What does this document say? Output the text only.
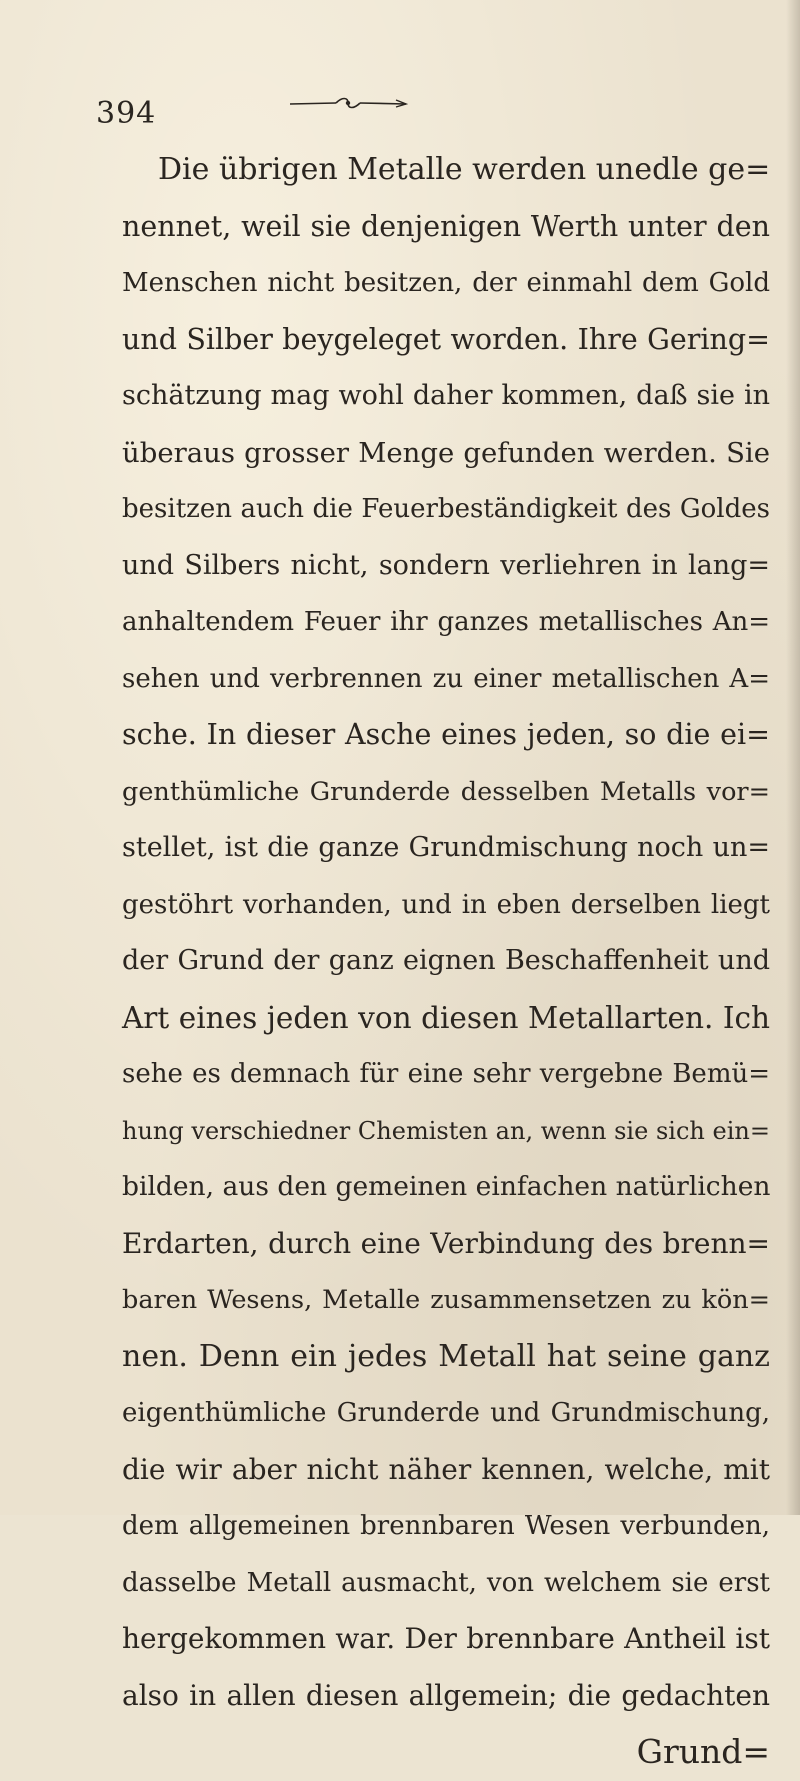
394
Die übrigen Metalle werden unedle ge=
nennet, weil sie denjenigen Werth unter den
Menschen nicht besitzen, der einmahl dem Gold
und Silber beygeleget worden. Ihre Gering=
schätzung mag wohl daher kommen, daß sie in
überaus grosser Menge gefunden werden. Sie
besitzen auch die Feuerbeständigkeit des Goldes
und Silbers nicht, sondern verliehren in lang=
anhaltendem Feuer ihr ganzes metallisches An=
sehen und verbrennen zu einer metallischen A=
sche. In dieser Asche eines jeden, so die ei=
genthümliche Grunderde desselben Metalls vor=
stellet, ist die ganze Grundmischung noch un=
gestöhrt vorhanden, und in eben derselben liegt
der Grund der ganz eignen Beschaffenheit und
Art eines jeden von diesen Metallarten. Ich
sehe es demnach für eine sehr vergebne Bemü=
hung verschiedner Chemisten an, wenn sie sich ein=
bilden, aus den gemeinen einfachen natürlichen
Erdarten, durch eine Verbindung des brenn=
baren Wesens, Metalle zusammensetzen zu kön=
nen. Denn ein jedes Metall hat seine ganz
eigenthümliche Grunderde und Grundmischung,
die wir aber nicht näher kennen, welche, mit
dem allgemeinen brennbaren Wesen verbunden,
dasselbe Metall ausmacht, von welchem sie erst
hergekommen war. Der brennbare Antheil ist
also in allen diesen allgemein; die gedachten
Grund=
